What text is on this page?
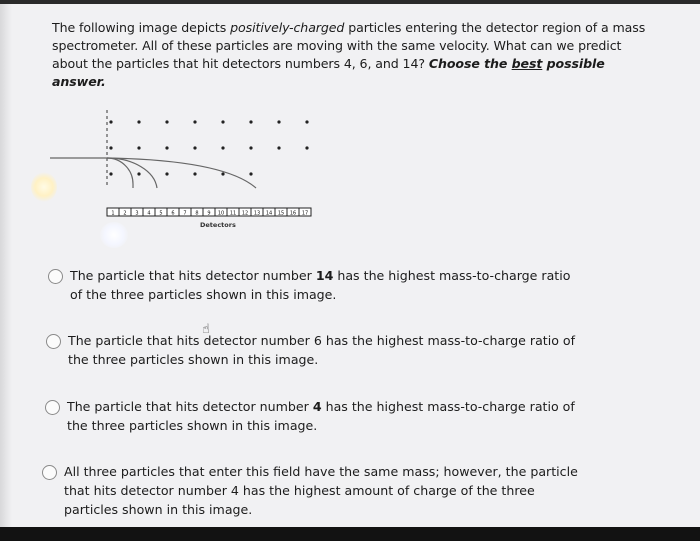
The following image depicts positively-charged particles entering the detector region of a mass spectrometer. All of these particles are moving with the same velocity. What can we predict about the particles that hit detectors numbers 4, 6, and 14? Choose the best possible answer.
1 2 3 4 5 6 7 8 9 10 11 12 13 14 15 16 17
Detectors
The particle that hits detector number 14 has the highest mass-to-charge ratio
of the three particles shown in this image.
The particle that hits detector number 6 has the highest mass-to-charge ratio of
the three particles shown in this image.
☝
The particle that hits detector number 4 has the highest mass-to-charge ratio of
the three particles shown in this image.
All three particles that enter this field have the same mass; however, the particle
that hits detector number 4 has the highest amount of charge of the three
particles shown in this image.
